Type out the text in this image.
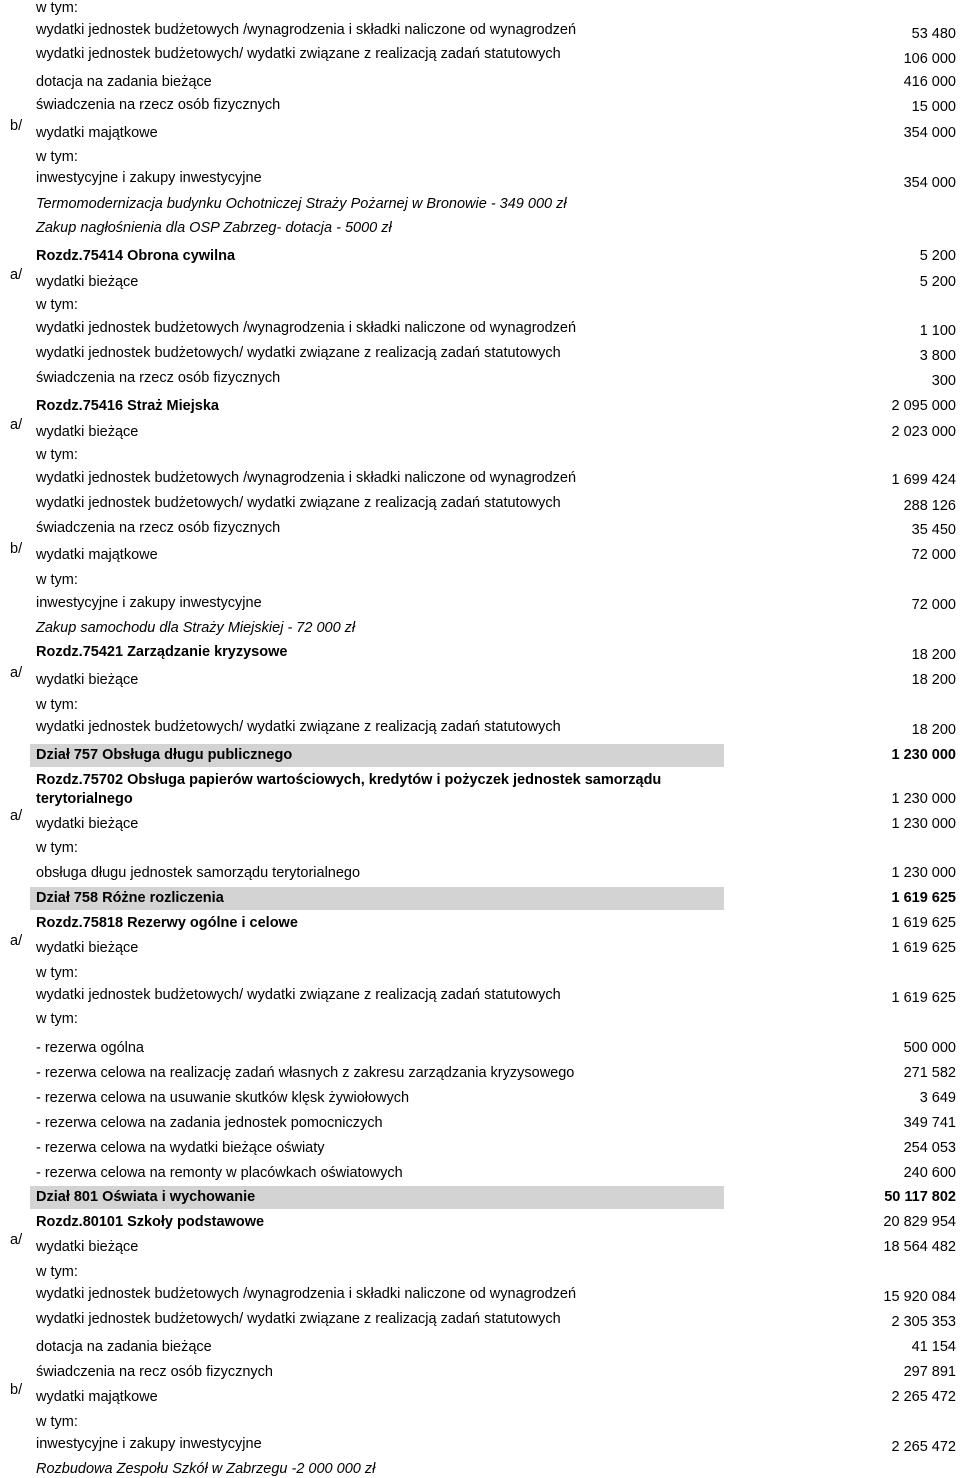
w tym:
wydatki jednostek budżetowych /wynagrodzenia i składki naliczone od wynagrodzeń	53 480
wydatki jednostek budżetowych/ wydatki związane z realizacją zadań statutowych	106 000
dotacja na zadania bieżące	416 000
świadczenia na rzecz osób fizycznych	15 000
wydatki majątkowe	354 000
b/
w tym:
inwestycyjne i zakupy inwestycyjne	354 000
Termomodernizacja budynku Ochotniczej Straży Pożarnej w Bronowie - 349 000 zł
Zakup nagłośnienia dla OSP Zabrzeg- dotacja - 5000 zł
Rozdz.75414 Obrona cywilna	5 200
wydatki bieżące	5 200
a/
w tym:
wydatki jednostek budżetowych /wynagrodzenia i składki naliczone od wynagrodzeń	1 100
wydatki jednostek budżetowych/ wydatki związane z realizacją zadań statutowych	3 800
świadczenia na rzecz osób fizycznych	300
Rozdz.75416 Straż Miejska	2 095 000
wydatki bieżące	2 023 000
a/
w tym:
wydatki jednostek budżetowych /wynagrodzenia i składki naliczone od wynagrodzeń	1 699 424
wydatki jednostek budżetowych/ wydatki związane z realizacją zadań statutowych	288 126
świadczenia na rzecz osób fizycznych	35 450
wydatki majątkowe	72 000
b/
w tym:
inwestycyjne i zakupy inwestycyjne	72 000
Zakup samochodu dla Straży Miejskiej - 72 000 zł
Rozdz.75421 Zarządzanie kryzysowe	18 200
wydatki bieżące	18 200
a/
w tym:
wydatki jednostek budżetowych/ wydatki związane z realizacją zadań statutowych	18 200
Dział 757 Obsługa długu publicznego	1 230 000
Rozdz.75702 Obsługa papierów wartościowych, kredytów i pożyczek jednostek samorządu
terytorialnego	1 230 000
wydatki bieżące	1 230 000
a/
w tym:
obsługa długu jednostek samorządu terytorialnego	1 230 000
Dział 758 Różne rozliczenia	1 619 625
Rozdz.75818 Rezerwy ogólne i celowe	1 619 625
wydatki bieżące	1 619 625
a/
w tym:
wydatki jednostek budżetowych/ wydatki związane z realizacją zadań statutowych	1 619 625
w tym:
- rezerwa ogólna	500 000
- rezerwa celowa na realizację zadań własnych z zakresu zarządzania kryzysowego	271 582
- rezerwa celowa na usuwanie skutków klęsk żywiołowych	3 649
- rezerwa celowa na zadania jednostek pomocniczych	349 741
- rezerwa celowa na wydatki bieżące oświaty	254 053
- rezerwa celowa na remonty w placówkach oświatowych	240 600
Dział 801 Oświata i wychowanie	50 117 802
Rozdz.80101 Szkoły podstawowe	20 829 954
wydatki bieżące	18 564 482
a/
w tym:
wydatki jednostek budżetowych /wynagrodzenia i składki naliczone od wynagrodzeń	15 920 084
wydatki jednostek budżetowych/ wydatki związane z realizacją zadań statutowych	2 305 353
dotacja na zadania bieżące	41 154
świadczenia na recz osób fizycznych	297 891
wydatki majątkowe	2 265 472
b/
w tym:
inwestycyjne i zakupy inwestycyjne	2 265 472
Rozbudowa Zespołu Szkół w Zabrzegu -2 000 000 zł
